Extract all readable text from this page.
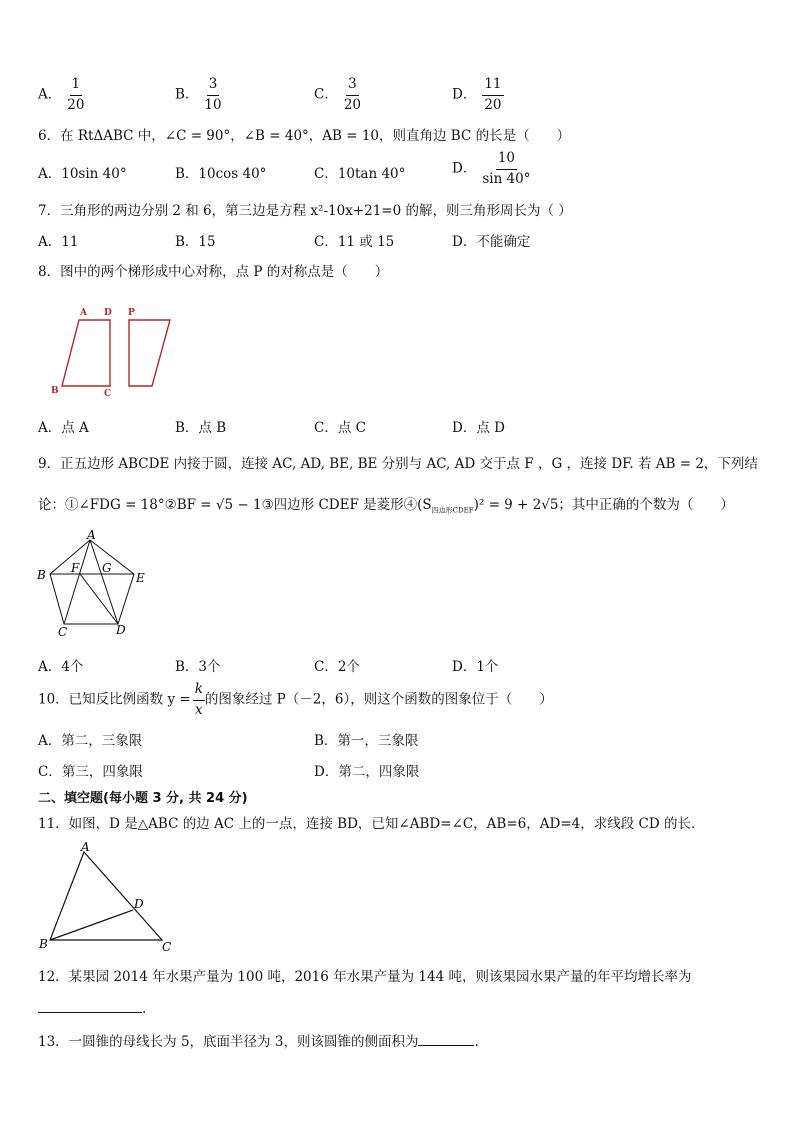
A． $\frac{1}{20}$	B． $\frac{3}{10}$	C． $\frac{3}{20}$	D． $\frac{11}{20}$
6．在 RtΔABC 中，∠C = 90°，∠B = 40°，AB = 10，则直角边 BC 的长是（　　）
A．10sin 40°	B．10cos 40°	C．10tan 40°	D． $\frac{10}{\sin 40^\circ}$
7．三角形的两边分别 2 和 6，第三边是方程 x²-10x+21=0 的解，则三角形周长为（ ）
A．11	B．15	C．11 或 15	D．不能确定
8．图中的两个梯形成中心对称，点 P 的对称点是（　　）
A D P
B	C
A．点 A	B．点 B	C．点 C	D．点 D
9．正五边形 ABCDE 内接于圆，连接 AC, AD, BE, BE 分别与 AC, AD 交于点 F ，G ，连接 DF. 若 AB = 2，下列结
论：①∠FDG = 18°②BF = √5 − 1③四边形 CDEF 是菱形$④(S_{四边形CDEF})^2 = 9 + 2√5$；其中正确的个数为（　　）
A
B	E
C	D
F G
A．4个	B．3个	C．2个	D．1个
10．已知反比例函数 $y = \frac{k}{x}$ 的图象经过 P（－2，6），则这个函数的图象位于（　　）
A．第二，三象限	B．第一，三象限
C．第三，四象限	D．第二，四象限
二、填空题(每小题 3 分, 共 24 分)
11．如图，D 是△ABC 的边 AC 上的一点，连接 BD，已知∠ABD=∠C，AB=6，AD=4，求线段 CD 的长．
A
B	C
D
12．某果园 2014 年水果产量为 100 吨，2016 年水果产量为 144 吨，则该果园水果产量的年平均增长率为
.
13．一圆锥的母线长为 5，底面半径为 3，则该圆锥的侧面积为	.
